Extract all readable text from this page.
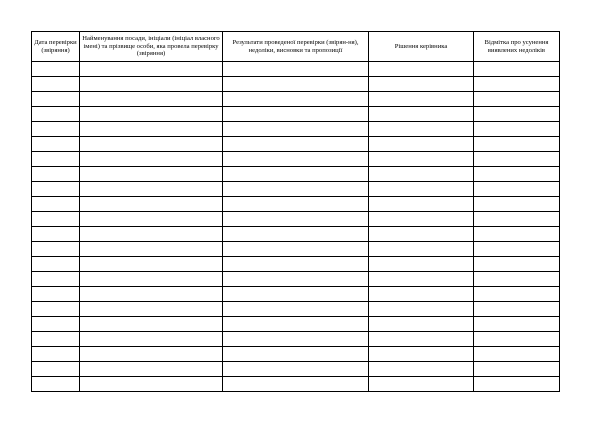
Дата перевірки (звіряння)	Найменування посади, ініціали (ініціал власного імені) та прізвище особи, яка провела перевірку (звіряння)	Результати проведеної перевірки (звірян-ня), недоліки, висновки та пропозиції	Рішення керівника	Відмітка про усунення виявлених недоліків
